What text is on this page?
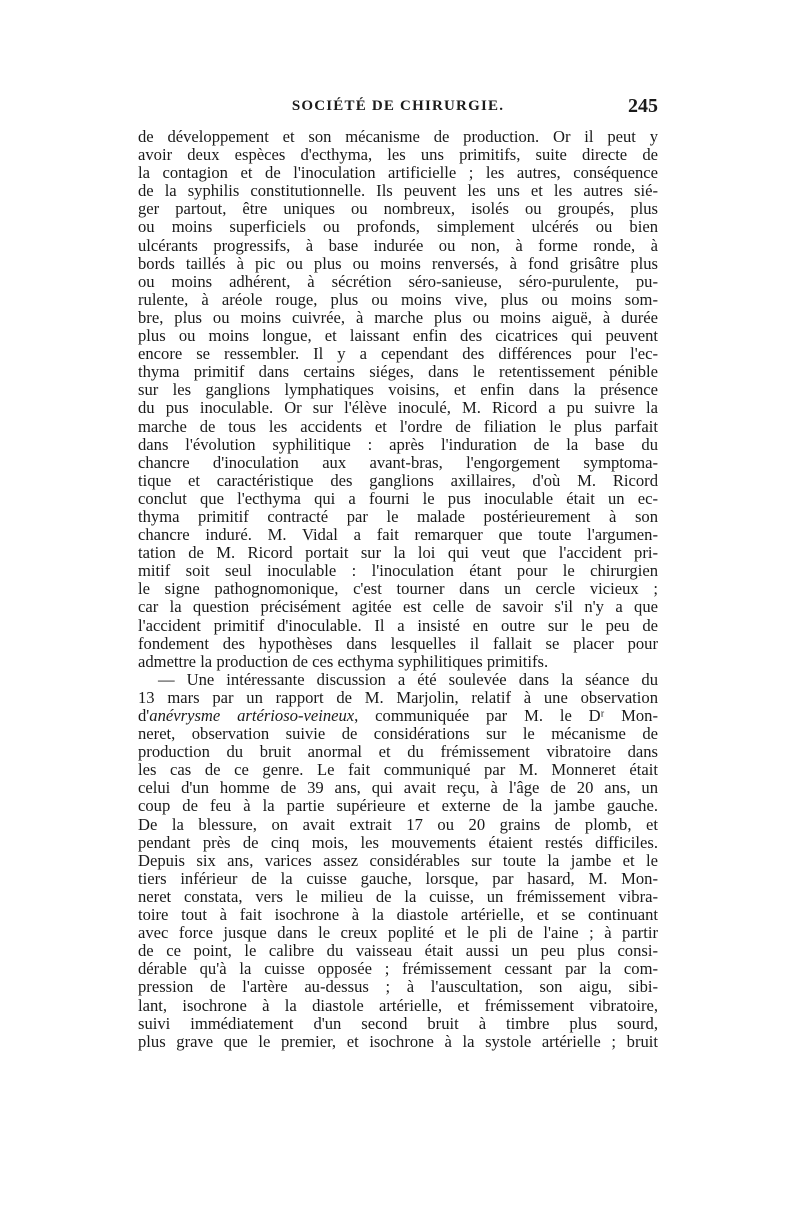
SOCIÉTÉ DE CHIRURGIE.	245
de développement et son mécanisme de production. Or il peut y
avoir deux espèces d'ecthyma, les uns primitifs, suite directe de
la contagion et de l'inoculation artificielle ; les autres, conséquence
de la syphilis constitutionnelle. Ils peuvent les uns et les autres sié-
ger partout, être uniques ou nombreux, isolés ou groupés, plus
ou moins superficiels ou profonds, simplement ulcérés ou bien
ulcérants progressifs, à base indurée ou non, à forme ronde, à
bords taillés à pic ou plus ou moins renversés, à fond grisâtre plus
ou moins adhérent, à sécrétion séro-sanieuse, séro-purulente, pu-
rulente, à aréole rouge, plus ou moins vive, plus ou moins som-
bre, plus ou moins cuivrée, à marche plus ou moins aiguë, à durée
plus ou moins longue, et laissant enfin des cicatrices qui peuvent
encore se ressembler. Il y a cependant des différences pour l'ec-
thyma primitif dans certains siéges, dans le retentissement pénible
sur les ganglions lymphatiques voisins, et enfin dans la présence
du pus inoculable. Or sur l'élève inoculé, M. Ricord a pu suivre la
marche de tous les accidents et l'ordre de filiation le plus parfait
dans l'évolution syphilitique : après l'induration de la base du
chancre d'inoculation aux avant-bras, l'engorgement symptoma-
tique et caractéristique des ganglions axillaires, d'où M. Ricord
conclut que l'ecthyma qui a fourni le pus inoculable était un ec-
thyma primitif contracté par le malade postérieurement à son
chancre induré. M. Vidal a fait remarquer que toute l'argumen-
tation de M. Ricord portait sur la loi qui veut que l'accident pri-
mitif soit seul inoculable : l'inoculation étant pour le chirurgien
le signe pathognomonique, c'est tourner dans un cercle vicieux ;
car la question précisément agitée est celle de savoir s'il n'y a que
l'accident primitif d'inoculable. Il a insisté en outre sur le peu de
fondement des hypothèses dans lesquelles il fallait se placer pour
admettre la production de ces ecthyma syphilitiques primitifs.
— Une intéressante discussion a été soulevée dans la séance du
13 mars par un rapport de M. Marjolin, relatif à une observation
d'anévrysme artérioso-veineux, communiquée par M. le Dʳ Mon-
neret, observation suivie de considérations sur le mécanisme de
production du bruit anormal et du frémissement vibratoire dans
les cas de ce genre. Le fait communiqué par M. Monneret était
celui d'un homme de 39 ans, qui avait reçu, à l'âge de 20 ans, un
coup de feu à la partie supérieure et externe de la jambe gauche.
De la blessure, on avait extrait 17 ou 20 grains de plomb, et
pendant près de cinq mois, les mouvements étaient restés difficiles.
Depuis six ans, varices assez considérables sur toute la jambe et le
tiers inférieur de la cuisse gauche, lorsque, par hasard, M. Mon-
neret constata, vers le milieu de la cuisse, un frémissement vibra-
toire tout à fait isochrone à la diastole artérielle, et se continuant
avec force jusque dans le creux poplité et le pli de l'aine ; à partir
de ce point, le calibre du vaisseau était aussi un peu plus consi-
dérable qu'à la cuisse opposée ; frémissement cessant par la com-
pression de l'artère au-dessus ; à l'auscultation, son aigu, sibi-
lant, isochrone à la diastole artérielle, et frémissement vibratoire,
suivi immédiatement d'un second bruit à timbre plus sourd,
plus grave que le premier, et isochrone à la systole artérielle ; bruit
